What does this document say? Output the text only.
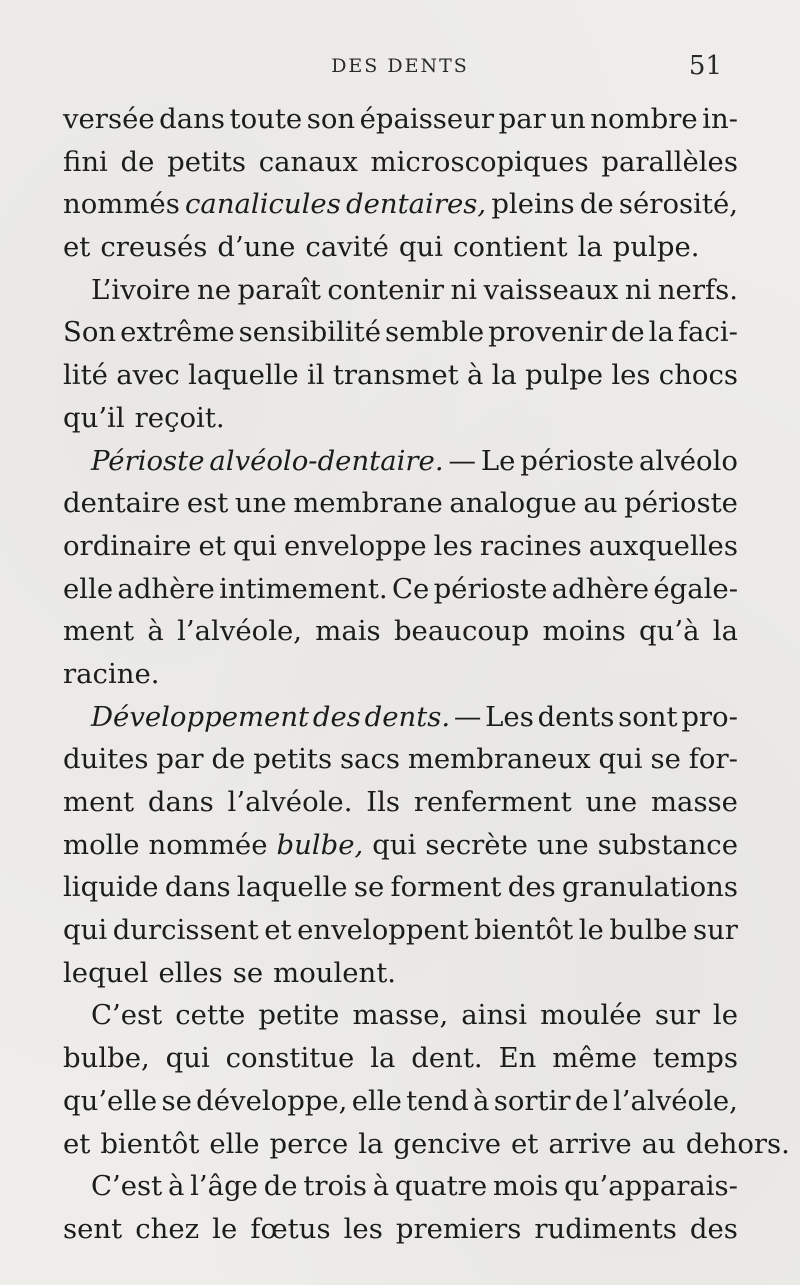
DES DENTS	51
versée dans toute son épaisseur par un nombre in-
fini de petits canaux microscopiques parallèles
nommés canalicules dentaires, pleins de sérosité,
et creusés d’une cavité qui contient la pulpe.
L’ivoire ne paraît contenir ni vaisseaux ni nerfs.
Son extrême sensibilité semble provenir de la faci-
lité avec laquelle il transmet à la pulpe les chocs
qu’il reçoit.
Périoste alvéolo-dentaire. — Le périoste alvéolo
dentaire est une membrane analogue au périoste
ordinaire et qui enveloppe les racines auxquelles
elle adhère intimement. Ce périoste adhère égale-
ment à l’alvéole, mais beaucoup moins qu’à la
racine.
Développement des dents. — Les dents sont pro-
duites par de petits sacs membraneux qui se for-
ment dans l’alvéole. Ils renferment une masse
molle nommée bulbe, qui secrète une substance
liquide dans laquelle se forment des granulations
qui durcissent et enveloppent bientôt le bulbe sur
lequel elles se moulent.
C’est cette petite masse, ainsi moulée sur le
bulbe, qui constitue la dent. En même temps
qu’elle se développe, elle tend à sortir de l’alvéole,
et bientôt elle perce la gencive et arrive au dehors.
C’est à l’âge de trois à quatre mois qu’apparais-
sent chez le fœtus les premiers rudiments des
